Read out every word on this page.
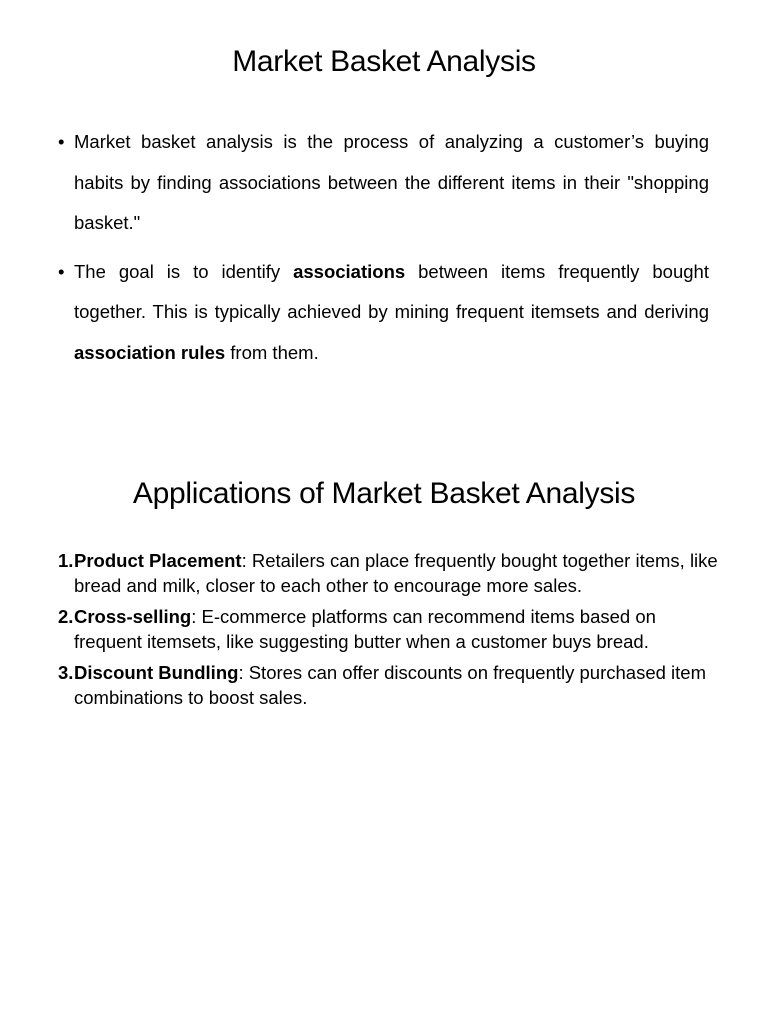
Market Basket Analysis
• Market basket analysis is the process of analyzing a customer’s buying habits by finding associations between the different items in their "shopping basket."
• The goal is to identify associations between items frequently bought together. This is typically achieved by mining frequent itemsets and deriving association rules from them.
Applications of Market Basket Analysis
1. Product Placement: Retailers can place frequently bought together items, like bread and milk, closer to each other to encourage more sales.
2. Cross-selling: E-commerce platforms can recommend items based on frequent itemsets, like suggesting butter when a customer buys bread.
3. Discount Bundling: Stores can offer discounts on frequently purchased item combinations to boost sales.
